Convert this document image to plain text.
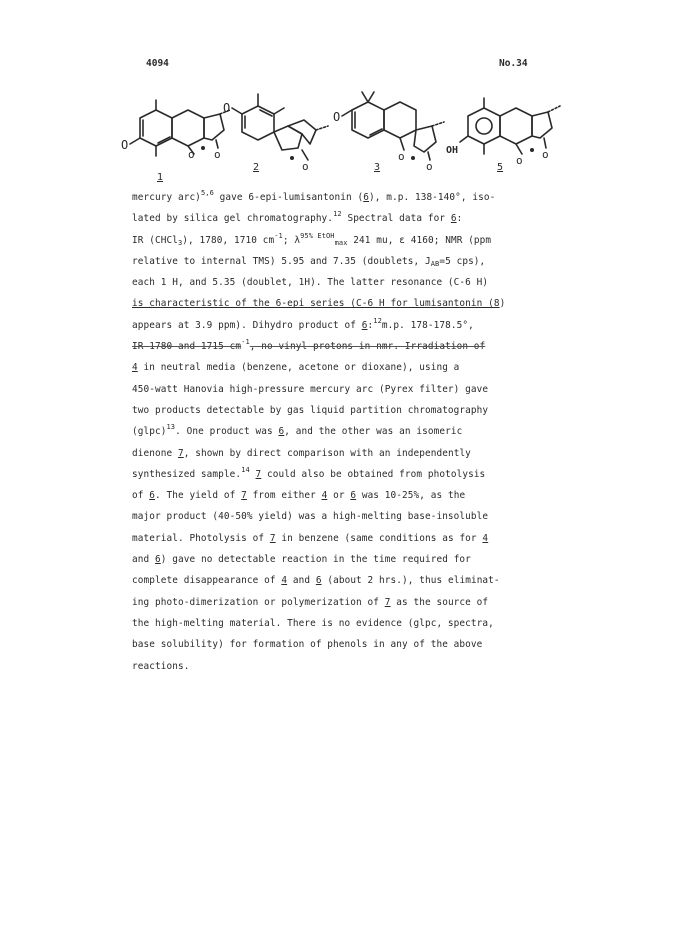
4094	No.34
O
o o
O
o
O
o
o
OH
o o
1
2	3	5
mercury arc)$^{5,6}$ gave 6-epi-lumisantonin (6), m.p. 138-140°, iso-
lated by silica gel chromatography.$^{12}$ Spectral data for 6:
IR (CHCl$_3$), 1780, 1710 $cm^{-1}$; $\lambda^{95\% EtOH}_{max}$ 241 mu, ε 4160; NMR (ppm
relative to internal TMS) 5.95 and 7.35 (doublets, $J_{AB}=5$ cps),
each 1 H, and 5.35 (doublet, 1H). The latter resonance (C-6 H)
is characteristic of the 6-epi series (C-6 H for lumisantonin (8)
appears at 3.9 ppm). Dihydro product of 6:$^{12}$m.p. 178-178.5°,
IR 1780 and 1715 $cm^{-1}$, no vinyl protons in nmr. Irradiation of
4 in neutral media (benzene, acetone or dioxane), using a
450-watt Hanovia high-pressure mercury arc (Pyrex filter) gave
two products detectable by gas liquid partition chromatography
(glpc)$^{13}$. One product was 6, and the other was an isomeric
dienone 7, shown by direct comparison with an independently
synthesized sample.$^{14}$ 7 could also be obtained from photolysis
of 6. The yield of 7 from either 4 or 6 was 10-25%, as the
major product (40-50% yield) was a high-melting base-insoluble
material. Photolysis of 7 in benzene (same conditions as for 4
and 6) gave no detectable reaction in the time required for
complete disappearance of 4 and 6 (about 2 hrs.), thus eliminat-
ing photo-dimerization or polymerization of 7 as the source of
the high-melting material. There is no evidence (glpc, spectra,
base solubility) for formation of phenols in any of the above
reactions.
